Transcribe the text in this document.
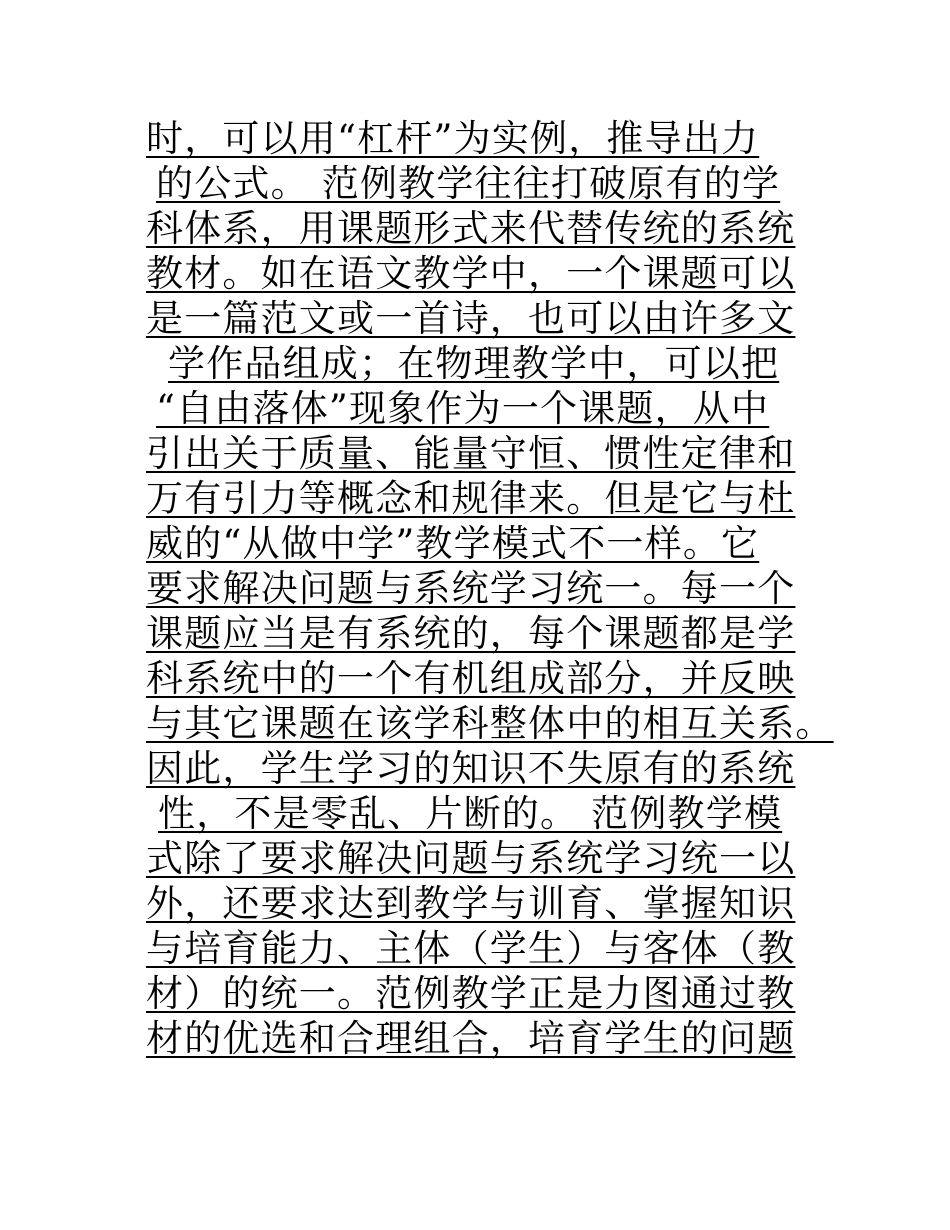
时，可以用“杠杆”为实例，推导出力
的公式。 范例教学往往打破原有的学
科体系，用课题形式来代替传统的系统
教材。如在语文教学中，一个课题可以
是一篇范文或一首诗，也可以由许多文
学作品组成；在物理教学中，可以把
“自由落体”现象作为一个课题，从中
引出关于质量、能量守恒、惯性定律和
万有引力等概念和规律来。但是它与杜
威的“从做中学”教学模式不一样。它
要求解决问题与系统学习统一。每一个
课题应当是有系统的，每个课题都是学
科系统中的一个有机组成部分，并反映
与其它课题在该学科整体中的相互关系。
因此，学生学习的知识不失原有的系统
性，不是零乱、片断的。 范例教学模
式除了要求解决问题与系统学习统一以
外，还要求达到教学与训育、掌握知识
与培育能力、主体（学生）与客体（教
材）的统一。范例教学正是力图通过教
材的优选和合理组合，培育学生的问题
